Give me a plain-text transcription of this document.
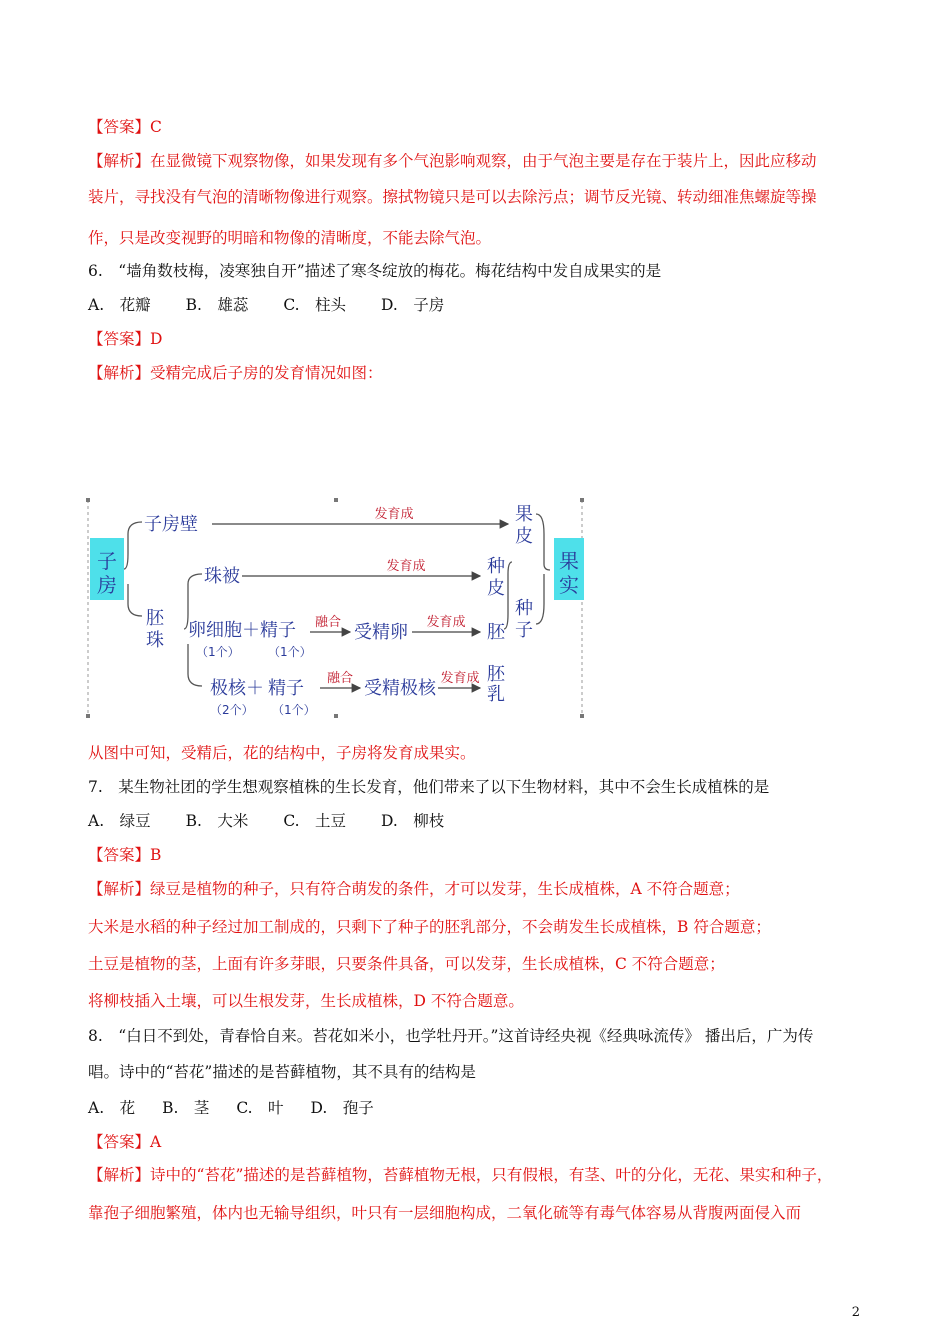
【答案】C
【解析】在显微镜下观察物像，如果发现有多个气泡影响观察，由于气泡主要是存在于装片上，因此应移动
装片，寻找没有气泡的清晰物像进行观察。擦拭物镜只是可以去除污点；调节反光镜、转动细准焦螺旋等操
作，只是改变视野的明暗和物像的清晰度，不能去除气泡。
6.　“墙角数枝梅，凌寒独自开”描述了寒冬绽放的梅花。梅花结构中发自成果实的是
A.　花瓣 B.　雄蕊 C.　柱头 D.　子房
【答案】D
【解析】受精完成后子房的发育情况如图：
子房
果实
子房壁
胚珠
珠被
卵细胞＋ 精子
（1个） （1个）
极核＋ 精子
（2个） （1个）
发育成
发育成
融合	发育成
融合	发育成
受精卵
受精极核
果皮
种皮
胚
胚乳
种子
从图中可知，受精后，花的结构中，子房将发育成果实。
7.　某生物社团的学生想观察植株的生长发育，他们带来了以下生物材料，其中不会生长成植株的是
A.　绿豆 B.　大米 C.　土豆 D.　柳枝
【答案】B
【解析】绿豆是植物的种子，只有符合萌发的条件，才可以发芽，生长成植株，A 不符合题意；
大米是水稻的种子经过加工制成的，只剩下了种子的胚乳部分，不会萌发生长成植株，B 符合题意；
土豆是植物的茎，上面有许多芽眼，只要条件具备，可以发芽，生长成植株，C 不符合题意；
将柳枝插入土壤，可以生根发芽，生长成植株，D 不符合题意。
8.　“白日不到处，青春恰自来。苔花如米小，也学牡丹开。”这首诗经央视《经典咏流传》 播出后，广为传
唱。诗中的“苔花”描述的是苔藓植物，其不具有的结构是
A.　花 B.　茎 C.　叶 D.　孢子
【答案】A
【解析】诗中的“苔花”描述的是苔藓植物，苔藓植物无根，只有假根，有茎、叶的分化，无花、果实和种子，
靠孢子细胞繁殖，体内也无输导组织，叶只有一层细胞构成，二氧化硫等有毒气体容易从背腹两面侵入而
2
